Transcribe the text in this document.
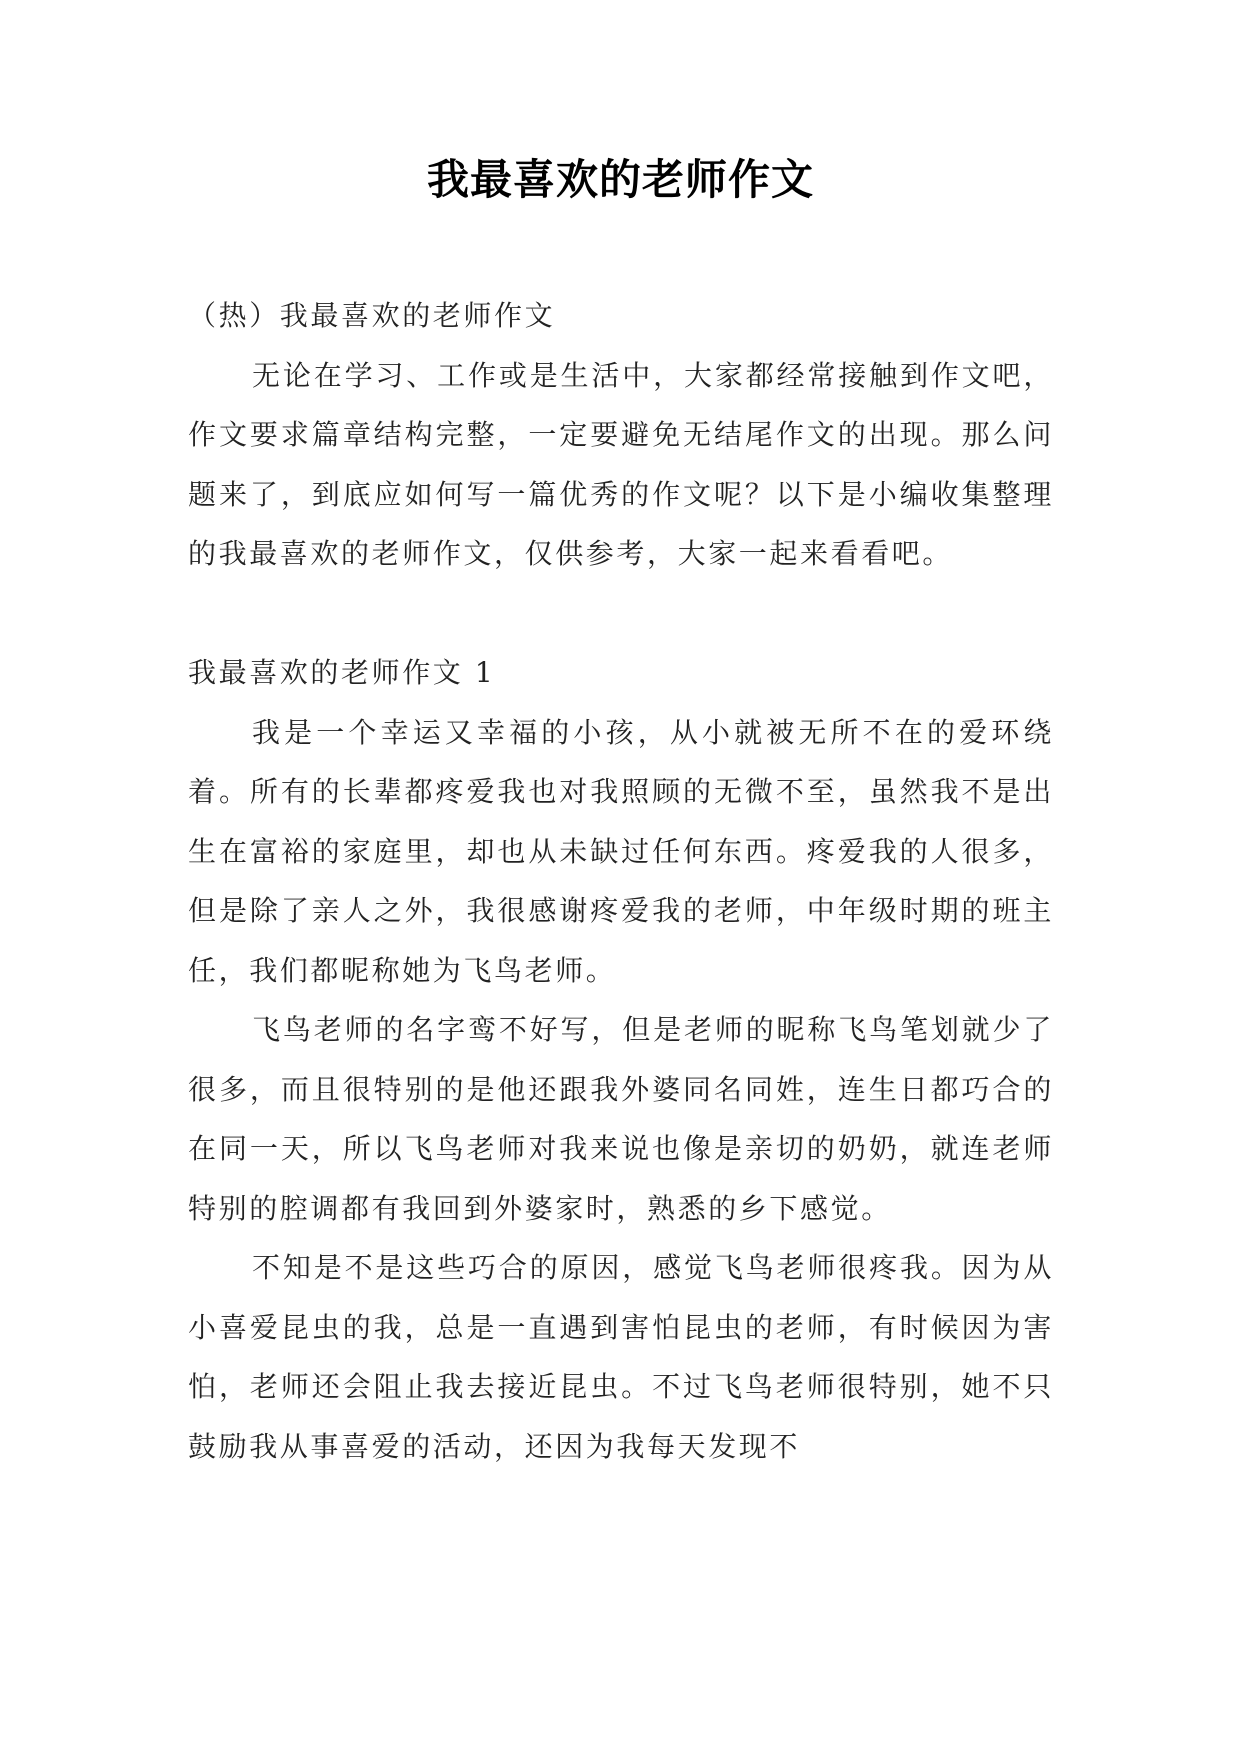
我最喜欢的老师作文

（热）我最喜欢的老师作文

无论在学习、工作或是生活中，大家都经常接触到作文吧，作文要求篇章结构完整，一定要避免无结尾作文的出现。那么问题来了，到底应如何写一篇优秀的作文呢？以下是小编收集整理的我最喜欢的老师作文，仅供参考，大家一起来看看吧。

我最喜欢的老师作文 1

我是一个幸运又幸福的小孩，从小就被无所不在的爱环绕着。所有的长辈都疼爱我也对我照顾的无微不至，虽然我不是出生在富裕的家庭里，却也从未缺过任何东西。疼爱我的人很多，但是除了亲人之外，我很感谢疼爱我的老师，中年级时期的班主任，我们都昵称她为飞鸟老师。

飞鸟老师的名字鸾不好写，但是老师的昵称飞鸟笔划就少了很多，而且很特别的是他还跟我外婆同名同姓，连生日都巧合的在同一天，所以飞鸟老师对我来说也像是亲切的奶奶，就连老师特别的腔调都有我回到外婆家时，熟悉的乡下感觉。

不知是不是这些巧合的原因，感觉飞鸟老师很疼我。因为从小喜爱昆虫的我，总是一直遇到害怕昆虫的老师，有时候因为害怕，老师还会阻止我去接近昆虫。不过飞鸟老师很特别，她不只鼓励我从事喜爱的活动，还因为我每天发现不
